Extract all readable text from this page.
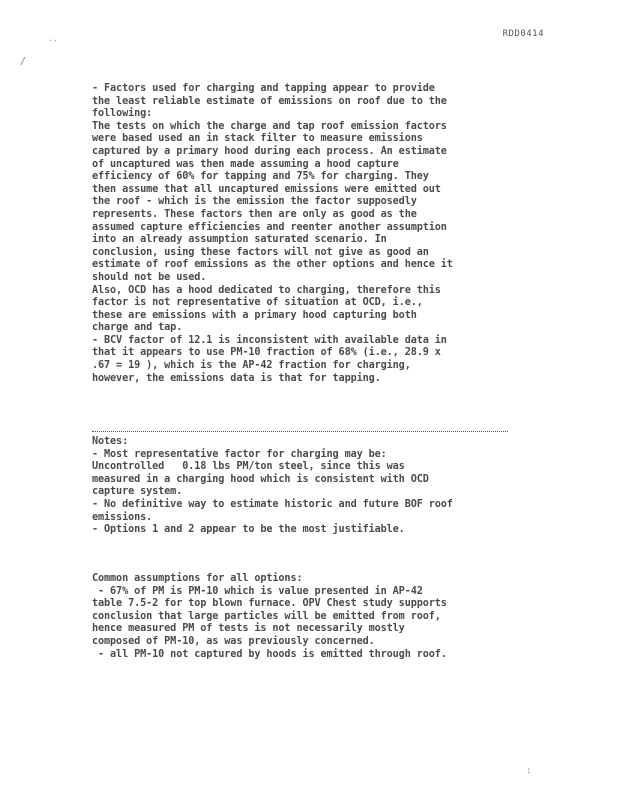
RDD0414
..
/
:
- Factors used for charging and tapping appear to provide
the least reliable estimate of emissions on roof due to the
following:
The tests on which the charge and tap roof emission factors
were based used an in stack filter to measure emissions
captured by a primary hood during each process. An estimate
of uncaptured was then made assuming a hood capture
efficiency of 60% for tapping and 75% for charging. They
then assume that all uncaptured emissions were emitted out
the roof - which is the emission the factor supposedly
represents. These factors then are only as good as the
assumed capture efficiencies and reenter another assumption
into an already assumption saturated scenario. In
conclusion, using these factors will not give as good an
estimate of roof emissions as the other options and hence it
should not be used.
Also, OCD has a hood dedicated to charging, therefore this
factor is not representative of situation at OCD, i.e.,
these are emissions with a primary hood capturing both
charge and tap.
- BCV factor of 12.1 is inconsistent with available data in
that it appears to use PM-10 fraction of 68% (i.e., 28.9 x
.67 = 19 ), which is the AP-42 fraction for charging,
however, the emissions data is that for tapping.
Notes:
- Most representative factor for charging may be:
Uncontrolled   0.18 lbs PM/ton steel, since this was
measured in a charging hood which is consistent with OCD
capture system.
- No definitive way to estimate historic and future BOF roof
emissions.
- Options 1 and 2 appear to be the most justifiable.
Common assumptions for all options:
- 67% of PM is PM-10 which is value presented in AP-42
table 7.5-2 for top blown furnace. OPV Chest study supports
conclusion that large particles will be emitted from roof,
hence measured PM of tests is not necessarily mostly
composed of PM-10, as was previously concerned.
- all PM-10 not captured by hoods is emitted through roof.
